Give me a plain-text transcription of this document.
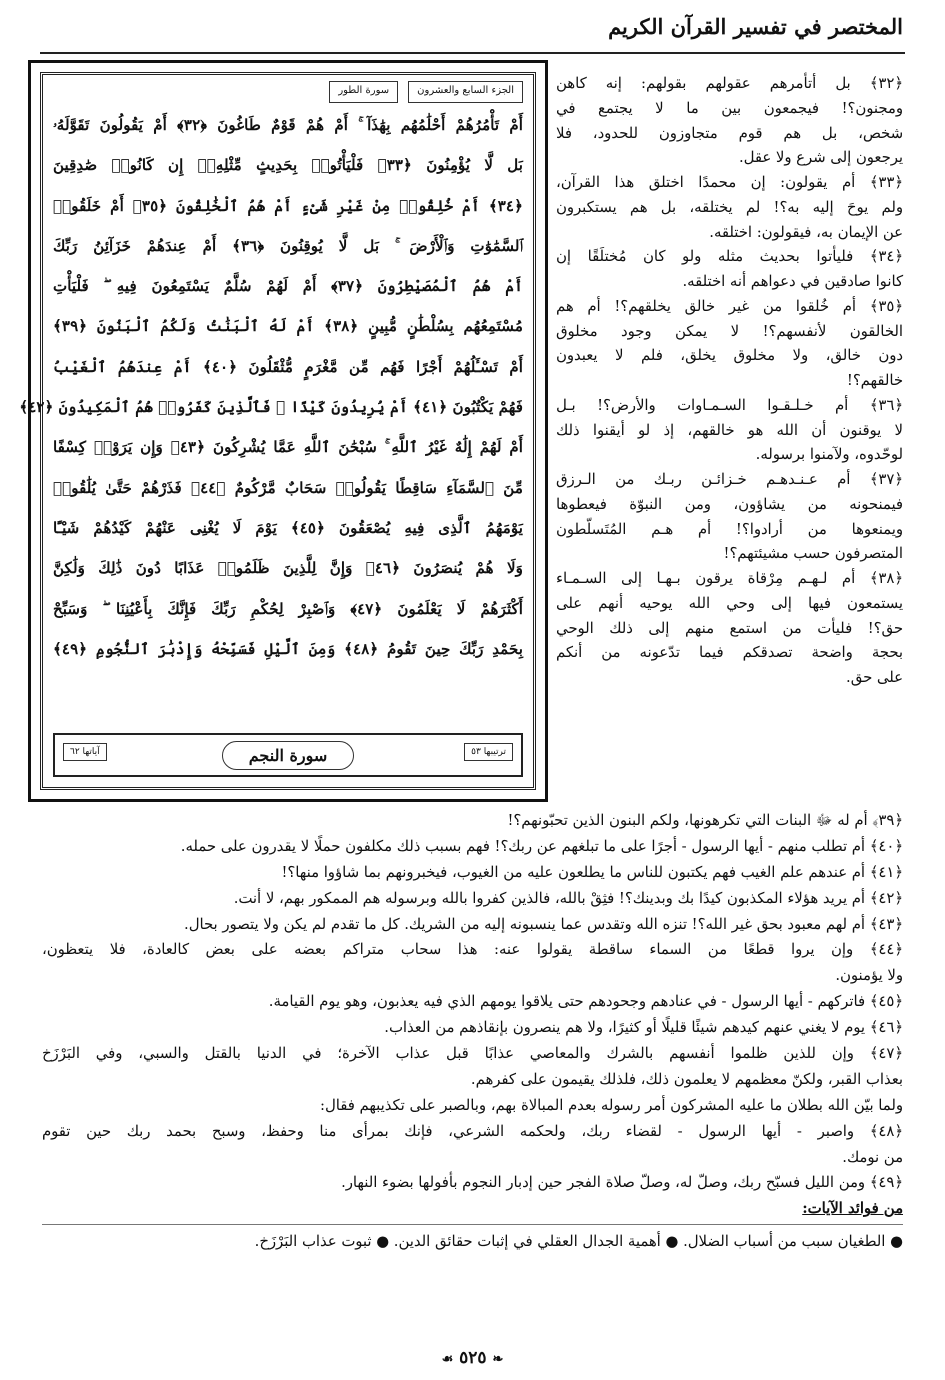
المختصر في تفسير القرآن الكريم
الجزء السابع والعشرون
سورة الطور
أَمْ تَأْمُرُهُمْ أَحْلَٰمُهُم بِهَٰذَآ ۚ أَمْ هُمْ قَوْمٌ طَاغُونَ ﴿٣٢﴾ أَمْ يَقُولُونَ تَقَوَّلَهُۥ
بَل لَّا يُؤْمِنُونَ ﴿٣٣﴾ فَلْيَأْتُوا۟ بِحَدِيثٍ مِّثْلِهِۦٓ إِن كَانُوا۟ صَٰدِقِينَ
﴿٣٤﴾ أَمْ خُلِقُوا۟ مِنْ غَيْرِ شَىْءٍ أَمْ هُمُ ٱلْخَٰلِقُونَ ﴿٣٥﴾ أَمْ خَلَقُوا۟
ٱلسَّمَٰوَٰتِ وَٱلْأَرْضَ ۚ بَل لَّا يُوقِنُونَ ﴿٣٦﴾ أَمْ عِندَهُمْ خَزَآئِنُ رَبِّكَ
أَمْ هُمُ ٱلْمُصَيْطِرُونَ ﴿٣٧﴾ أَمْ لَهُمْ سُلَّمٌ يَسْتَمِعُونَ فِيهِ ۖ فَلْيَأْتِ
مُسْتَمِعُهُم بِسُلْطَٰنٍ مُّبِينٍ ﴿٣٨﴾ أَمْ لَهُ ٱلْبَنَٰتُ وَلَكُمُ ٱلْبَنُونَ ﴿٣٩﴾
أَمْ تَسْـَٔلُهُمْ أَجْرًا فَهُم مِّن مَّغْرَمٍ مُّثْقَلُونَ ﴿٤٠﴾ أَمْ عِندَهُمُ ٱلْغَيْبُ
فَهُمْ يَكْتُبُونَ ﴿٤١﴾ أَمْ يُرِيدُونَ كَيْدًا ۖ فَٱلَّذِينَ كَفَرُوا۟ هُمُ ٱلْمَكِيدُونَ ﴿٤٢﴾
أَمْ لَهُمْ إِلَٰهٌ غَيْرُ ٱللَّهِ ۚ سُبْحَٰنَ ٱللَّهِ عَمَّا يُشْرِكُونَ ﴿٤٣﴾ وَإِن يَرَوْا۟ كِسْفًا
مِّنَ ٱلسَّمَآءِ سَاقِطًا يَقُولُوا۟ سَحَابٌ مَّرْكُومٌ ﴿٤٤﴾ فَذَرْهُمْ حَتَّىٰ يُلَٰقُوا۟
يَوْمَهُمُ ٱلَّذِى فِيهِ يُصْعَقُونَ ﴿٤٥﴾ يَوْمَ لَا يُغْنِى عَنْهُمْ كَيْدُهُمْ شَيْـًٔا
وَلَا هُمْ يُنصَرُونَ ﴿٤٦﴾ وَإِنَّ لِلَّذِينَ ظَلَمُوا۟ عَذَابًا دُونَ ذَٰلِكَ وَلَٰكِنَّ
أَكْثَرَهُمْ لَا يَعْلَمُونَ ﴿٤٧﴾ وَٱصْبِرْ لِحُكْمِ رَبِّكَ فَإِنَّكَ بِأَعْيُنِنَا ۖ وَسَبِّحْ
بِحَمْدِ رَبِّكَ حِينَ تَقُومُ ﴿٤٨﴾ وَمِنَ ٱلَّيْلِ فَسَبِّحْهُ وَإِدْبَٰرَ ٱلنُّجُومِ ﴿٤٩﴾
ترتيبها ٥٣
سورة النجم
آياتها ٦٢
﴿٣٢﴾ بل أتأمرهم عقولهم بقولهم: إنه كاهن
ومجنون؟! فيجمعون بين ما لا يجتمع في
شخص، بل هم قوم متجاوزون للحدود، فلا
يرجعون إلى شرع ولا عقل.
﴿٣٣﴾ أم يقولون: إن محمدًا اختلق هذا القرآن،
ولم يوحَ إليه به؟! لم يختلقه، بل هم يستكبرون
عن الإيمان به، فيقولون: اختلقه.
﴿٣٤﴾ فليأتوا بحديث مثله ولو كان مُختلَقًا إن
كانوا صادقين في دعواهم أنه اختلقه.
﴿٣٥﴾ أم خُلقوا من غير خالق يخلقهم؟! أم هم
الخالقون لأنفسهم؟! لا يمكن وجود مخلوق
دون خالق، ولا مخلوق يخلق، فلم لا يعبدون
خالقهم؟!
﴿٣٦﴾ أم خـلـقـوا السـمـاوات والأرض؟! بـل
لا يوقنون أن الله هو خالقهم، إذ لو أيقنوا ذلك
لوحّدوه، ولآمنوا برسوله.
﴿٣٧﴾ أم عـنـدهـم خـزائـن ربـك من الـرزق
فيمنحونه من يشاؤون، ومن النبوّة فيعطوها
ويمنعوها من أرادوا؟! أم هـم المُتَسلّطون
المتصرفون حسب مشيئتهم؟!
﴿٣٨﴾ أم لـهـم مِرْقاة يرقون بـهـا إلى السـمـاء
يستمعون فيها إلى وحي الله يوحيه أنهم على
حق؟! فليأت من استمع منهم إلى ذلك الوحي
بحجة واضحة تصدقكم فيما تدّعونه من أنكم
على حق.
﴿٣٩﴾ أم له ﷻ البنات التي تكرهونها، ولكم البنون الذين تحبّونهم؟!
﴿٤٠﴾ أم تطلب منهم - أيها الرسول - أجرًا على ما تبلغهم عن ربك؟! فهم بسبب ذلك مكلفون حملًا لا يقدرون على حمله.
﴿٤١﴾ أم عندهم علم الغيب فهم يكتبون للناس ما يطلعون عليه من الغيوب، فيخبرونهم بما شاؤوا منها؟!
﴿٤٢﴾ أم يريد هؤلاء المكذبون كيدًا بك وبدينك؟! فثِقْ بالله، فالذين كفروا بالله وبرسوله هم الممكور بهم، لا أنت.
﴿٤٣﴾ أم لهم معبود بحق غير الله؟! تنزه الله وتقدس عما ينسبونه إليه من الشريك. كل ما تقدم لم يكن ولا يتصور بحال.
﴿٤٤﴾ وإن يروا قطعًا من السماء ساقطة يقولوا عنه: هذا سحاب متراكم بعضه على بعض كالعادة، فلا يتعظون،
ولا يؤمنون.
﴿٤٥﴾ فاتركهم - أيها الرسول - في عنادهم وجحودهم حتى يلاقوا يومهم الذي فيه يعذبون، وهو يوم القيامة.
﴿٤٦﴾ يوم لا يغني عنهم كيدهم شيئًا قليلًا أو كثيرًا، ولا هم ينصرون بإنقاذهم من العذاب.
﴿٤٧﴾ وإن للذين ظلموا أنفسهم بالشرك والمعاصي عذابًا قبل عذاب الآخرة؛ في الدنيا بالقتل والسبي، وفي البَرْزَخ
بعذاب القبر، ولكنّ معظمهم لا يعلمون ذلك، فلذلك يقيمون على كفرهم.
ولما بيّن الله بطلان ما عليه المشركون أمر رسوله بعدم المبالاة بهم، وبالصبر على تكذيبهم فقال:
﴿٤٨﴾ واصبر - أيها الرسول - لقضاء ربك، ولحكمه الشرعي، فإنك بمرأى منا وحفظ، وسبح بحمد ربك حين تقوم
من نومك.
﴿٤٩﴾ ومن الليل فسبّح ربك، وصلّ له، وصلّ صلاة الفجر حين إدبار النجوم بأفولها بضوء النهار.
من فوائد الآيات:
● الطغيان سبب من أسباب الضلال. ● أهمية الجدال العقلي في إثبات حقائق الدين. ● ثبوت عذاب البَرْزَخ.
❧ ٥٢٥ ☙
